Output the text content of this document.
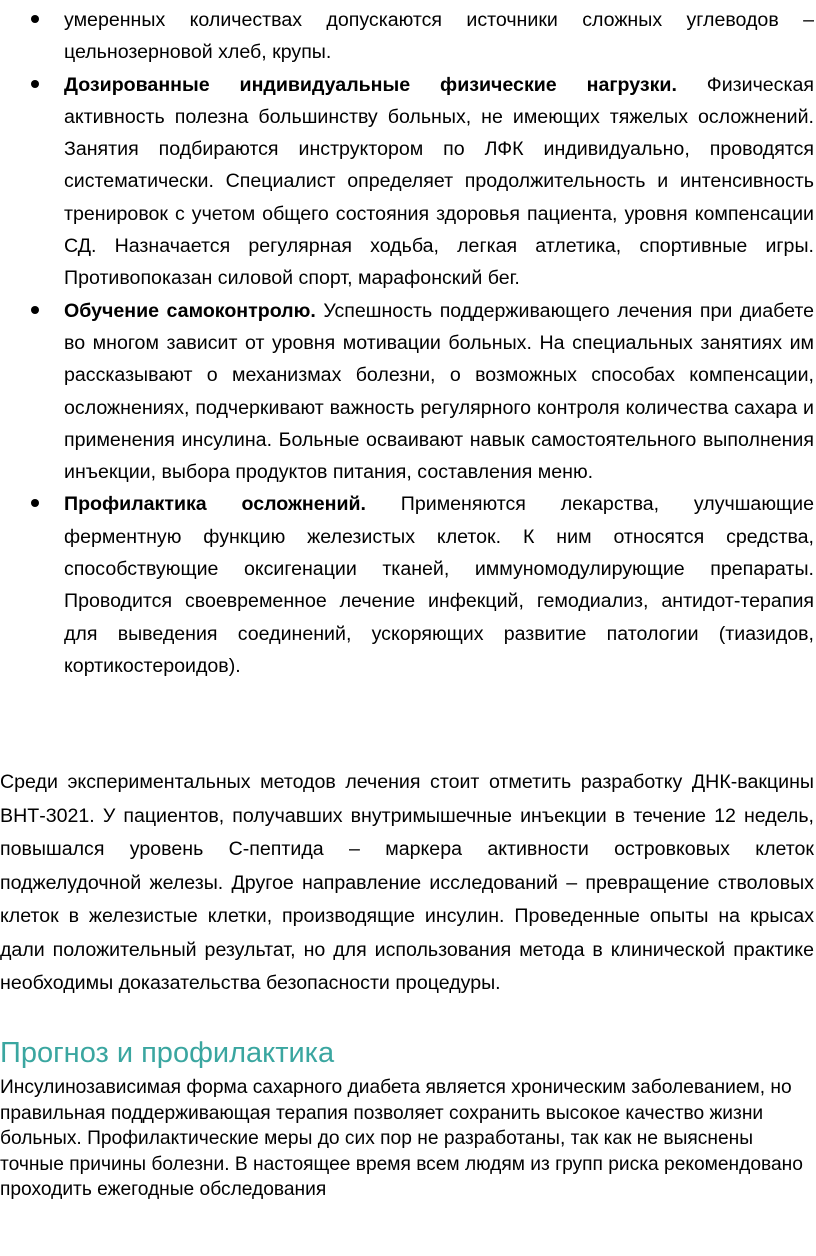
умеренных количествах допускаются источники сложных углеводов – цельнозерновой хлеб, крупы.
Дозированные индивидуальные физические нагрузки. Физическая активность полезна большинству больных, не имеющих тяжелых осложнений. Занятия подбираются инструктором по ЛФК индивидуально, проводятся систематически. Специалист определяет продолжительность и интенсивность тренировок с учетом общего состояния здоровья пациента, уровня компенсации СД. Назначается регулярная ходьба, легкая атлетика, спортивные игры. Противопоказан силовой спорт, марафонский бег.
Обучение самоконтролю. Успешность поддерживающего лечения при диабете во многом зависит от уровня мотивации больных. На специальных занятиях им рассказывают о механизмах болезни, о возможных способах компенсации, осложнениях, подчеркивают важность регулярного контроля количества сахара и применения инсулина. Больные осваивают навык самостоятельного выполнения инъекции, выбора продуктов питания, составления меню.
Профилактика осложнений. Применяются лекарства, улучшающие ферментную функцию железистых клеток. К ним относятся средства, способствующие оксигенации тканей, иммуномодулирующие препараты. Проводится своевременное лечение инфекций, гемодиализ, антидот-терапия для выведения соединений, ускоряющих развитие патологии (тиазидов, кортикостероидов).

Среди экспериментальных методов лечения стоит отметить разработку ДНК-вакцины ВНТ-3021. У пациентов, получавших внутримышечные инъекции в течение 12 недель, повышался уровень С-пептида – маркера активности островковых клеток поджелудочной железы. Другое направление исследований – превращение стволовых клеток в железистые клетки, производящие инсулин. Проведенные опыты на крысах дали положительный результат, но для использования метода в клинической практике необходимы доказательства безопасности процедуры.

Прогноз и профилактика

Инсулинозависимая форма сахарного диабета является хроническим заболеванием, но правильная поддерживающая терапия позволяет сохранить высокое качество жизни больных. Профилактические меры до сих пор не разработаны, так как не выяснены точные причины болезни. В настоящее время всем людям из групп риска рекомендовано проходить ежегодные обследования
